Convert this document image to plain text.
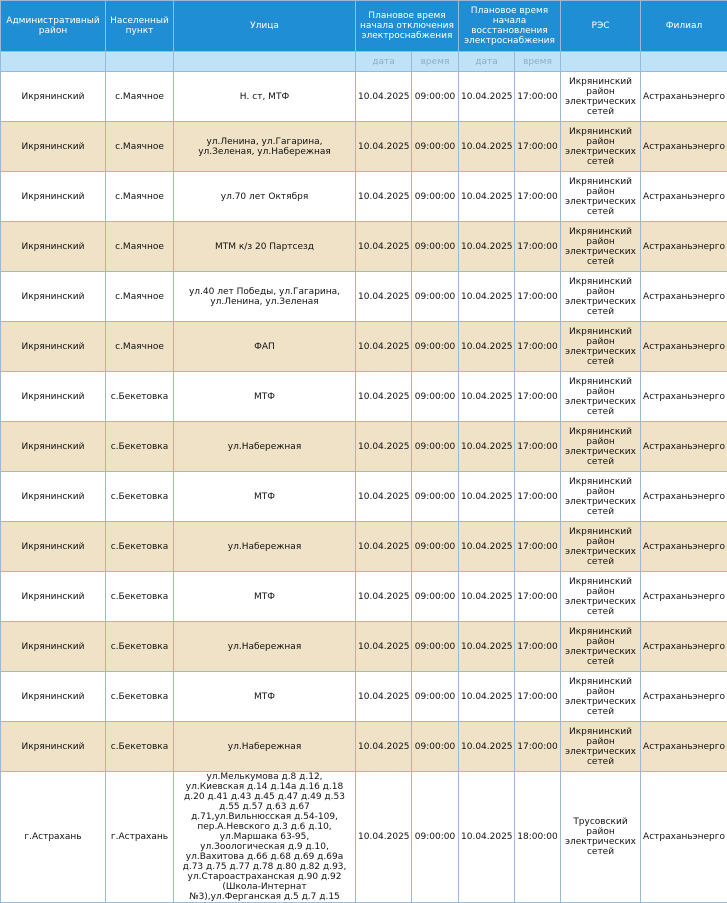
Административный район	Населенный пункт	Улица	Плановое время начала отключения электроснабжения		Плановое время начала восстановления электроснабжения		РЭС	Филиал
			дата	время	дата	время		
Икрянинский	с.Маячное	Н. ст, МТФ	10.04.2025	09:00:00	10.04.2025	17:00:00	Икрянинский район электрических сетей	Астраханьэнерго
Икрянинский	с.Маячное	ул.Ленина, ул.Гагарина, ул.Зеленая, ул.Набережная	10.04.2025	09:00:00	10.04.2025	17:00:00	Икрянинский район электрических сетей	Астраханьэнерго
Икрянинский	с.Маячное	ул.70 лет Октября	10.04.2025	09:00:00	10.04.2025	17:00:00	Икрянинский район электрических сетей	Астраханьэнерго
Икрянинский	с.Маячное	МТМ к/з 20 Партсезд	10.04.2025	09:00:00	10.04.2025	17:00:00	Икрянинский район электрических сетей	Астраханьэнерго
Икрянинский	с.Маячное	ул.40 лет Победы, ул.Гагарина, ул.Ленина, ул.Зеленая	10.04.2025	09:00:00	10.04.2025	17:00:00	Икрянинский район электрических сетей	Астраханьэнерго
Икрянинский	с.Маячное	ФАП	10.04.2025	09:00:00	10.04.2025	17:00:00	Икрянинский район электрических сетей	Астраханьэнерго
Икрянинский	с.Бекетовка	МТФ	10.04.2025	09:00:00	10.04.2025	17:00:00	Икрянинский район электрических сетей	Астраханьэнерго
Икрянинский	с.Бекетовка	ул.Набережная	10.04.2025	09:00:00	10.04.2025	17:00:00	Икрянинский район электрических сетей	Астраханьэнерго
Икрянинский	с.Бекетовка	МТФ	10.04.2025	09:00:00	10.04.2025	17:00:00	Икрянинский район электрических сетей	Астраханьэнерго
Икрянинский	с.Бекетовка	ул.Набережная	10.04.2025	09:00:00	10.04.2025	17:00:00	Икрянинский район электрических сетей	Астраханьэнерго
Икрянинский	с.Бекетовка	МТФ	10.04.2025	09:00:00	10.04.2025	17:00:00	Икрянинский район электрических сетей	Астраханьэнерго
Икрянинский	с.Бекетовка	ул.Набережная	10.04.2025	09:00:00	10.04.2025	17:00:00	Икрянинский район электрических сетей	Астраханьэнерго
Икрянинский	с.Бекетовка	МТФ	10.04.2025	09:00:00	10.04.2025	17:00:00	Икрянинский район электрических сетей	Астраханьэнерго
Икрянинский	с.Бекетовка	ул.Набережная	10.04.2025	09:00:00	10.04.2025	17:00:00	Икрянинский район электрических сетей	Астраханьэнерго
г.Астрахань	г.Астрахань	ул.Мелькумова д.8 д.12, ул.Киевская д.14 д.14а д.16 д.18 д.20 д.41 д.43 д.45 д.47 д.49 д.53 д.55 д.57 д.63 д.67 д.71,ул.Вильнюсская д.54-109, пер.А.Невского д.3 д.6 д.10, ул.Маршака 63-95, ул.Зоологическая д.9 д.10, ул.Вахитова д.66 д.68 д.69 д.69а д.73 д.75 д.77 д.78 д.80 д.82 д.93, ул.Староастраханская д.90 д.92 (Школа-Интернат №3),ул.Ферганская д.5 д.7 д.15	10.04.2025	09:00:00	10.04.2025	18:00:00	Трусовский район электрических сетей	Астраханьэнерго
